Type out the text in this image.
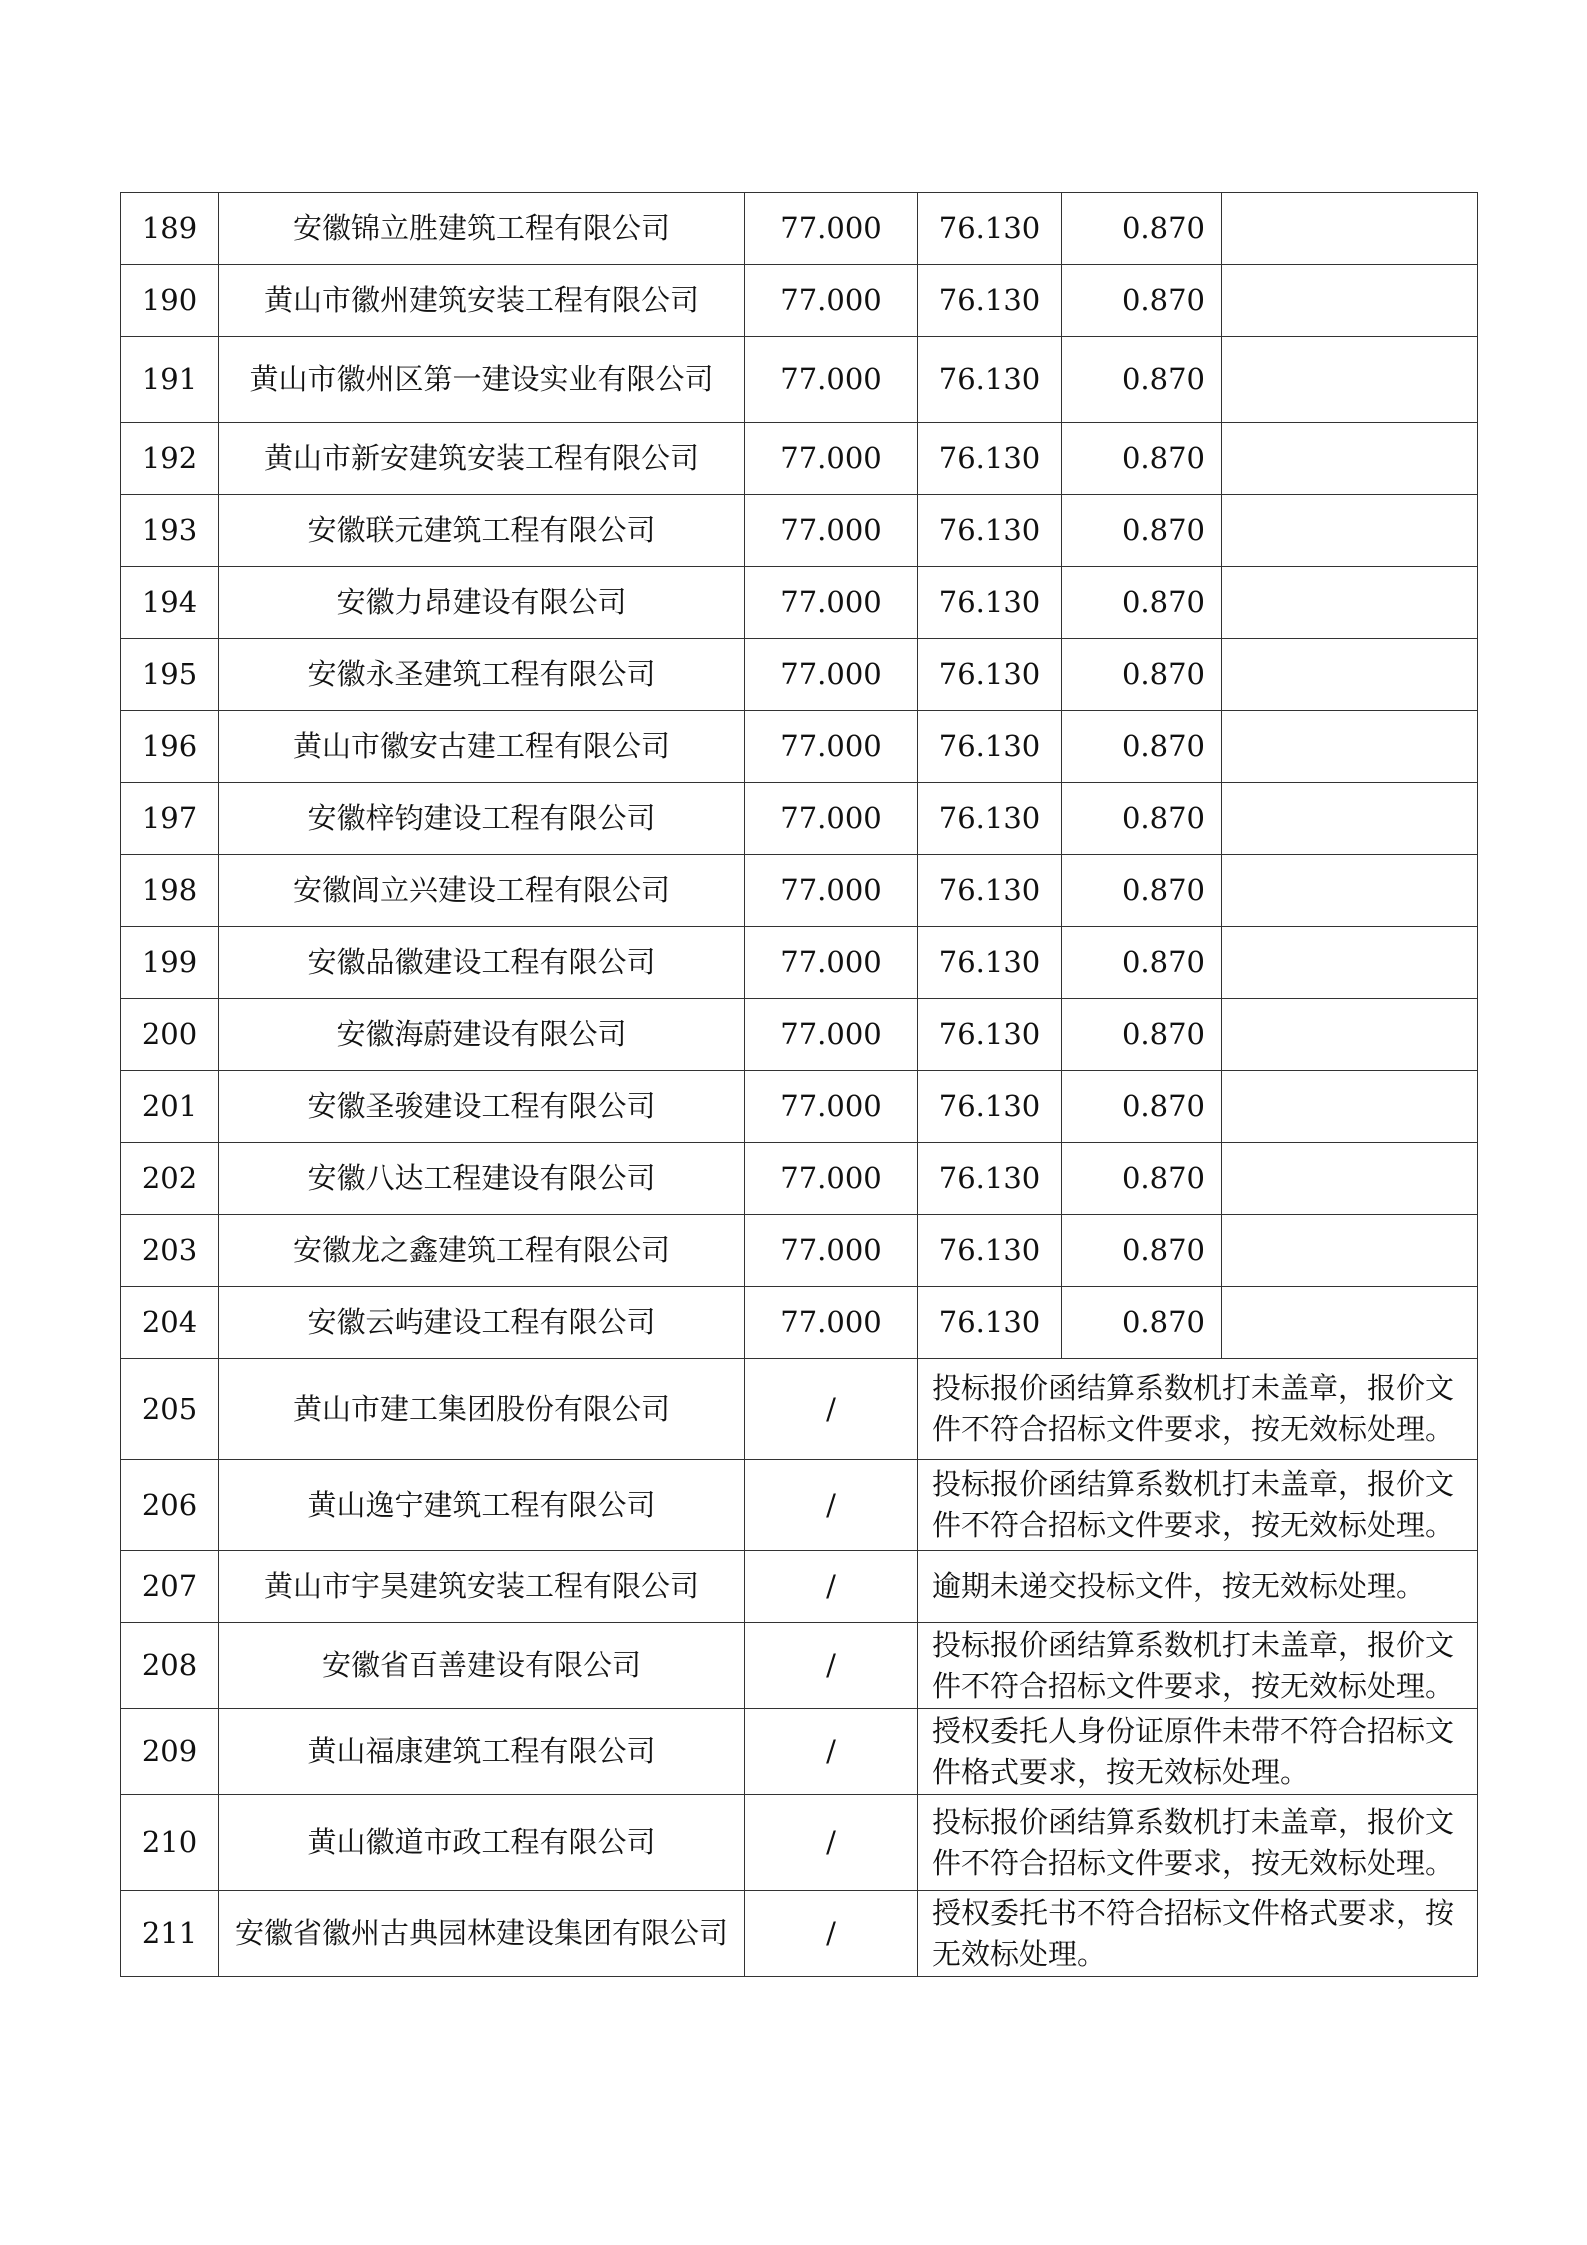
189	安徽锦立胜建筑工程有限公司	77.000	76.130	0.870	
190	黄山市徽州建筑安装工程有限公司	77.000	76.130	0.870	
191	黄山市徽州区第一建设实业有限公司	77.000	76.130	0.870	
192	黄山市新安建筑安装工程有限公司	77.000	76.130	0.870	
193	安徽联元建筑工程有限公司	77.000	76.130	0.870	
194	安徽力昂建设有限公司	77.000	76.130	0.870	
195	安徽永圣建筑工程有限公司	77.000	76.130	0.870	
196	黄山市徽安古建工程有限公司	77.000	76.130	0.870	
197	安徽梓钧建设工程有限公司	77.000	76.130	0.870	
198	安徽闾立兴建设工程有限公司	77.000	76.130	0.870	
199	安徽品徽建设工程有限公司	77.000	76.130	0.870	
200	安徽海蔚建设有限公司	77.000	76.130	0.870	
201	安徽圣骏建设工程有限公司	77.000	76.130	0.870	
202	安徽八达工程建设有限公司	77.000	76.130	0.870	
203	安徽龙之鑫建筑工程有限公司	77.000	76.130	0.870	
204	安徽云屿建设工程有限公司	77.000	76.130	0.870	
205	黄山市建工集团股份有限公司	/	投标报价函结算系数机打未盖章，报价文件不符合招标文件要求，按无效标处理。		
206	黄山逸宁建筑工程有限公司	/	投标报价函结算系数机打未盖章，报价文件不符合招标文件要求，按无效标处理。		
207	黄山市宇昊建筑安装工程有限公司	/	逾期未递交投标文件，按无效标处理。		
208	安徽省百善建设有限公司	/	投标报价函结算系数机打未盖章，报价文件不符合招标文件要求，按无效标处理。		
209	黄山福康建筑工程有限公司	/	授权委托人身份证原件未带不符合招标文件格式要求，按无效标处理。		
210	黄山徽道市政工程有限公司	/	投标报价函结算系数机打未盖章，报价文件不符合招标文件要求，按无效标处理。		
211	安徽省徽州古典园林建设集团有限公司	/	授权委托书不符合招标文件格式要求，按无效标处理。		
